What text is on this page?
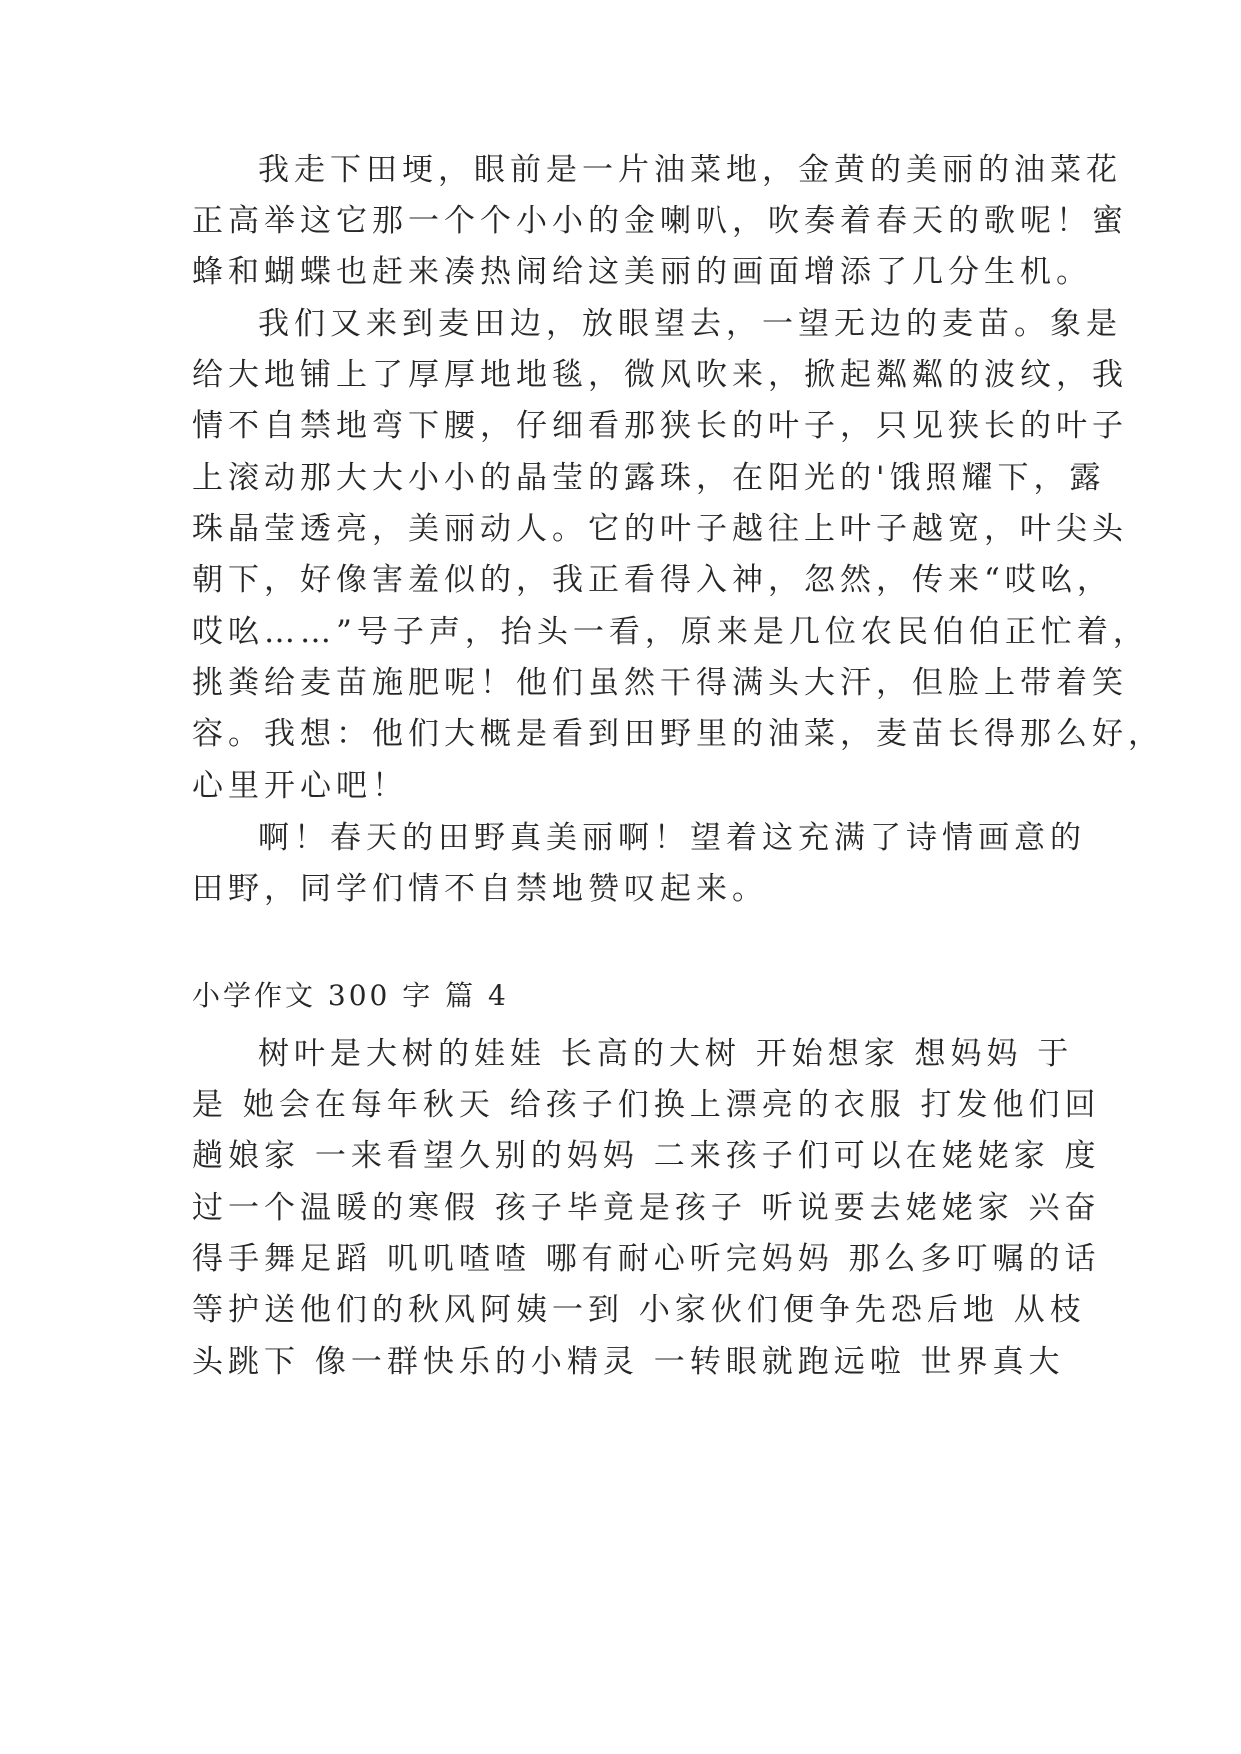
我走下田埂，眼前是一片油菜地，金黄的美丽的油菜花
正高举这它那一个个小小的金喇叭，吹奏着春天的歌呢！蜜
蜂和蝴蝶也赶来凑热闹给这美丽的画面增添了几分生机。
我们又来到麦田边，放眼望去，一望无边的麦苗。象是
给大地铺上了厚厚地地毯，微风吹来，掀起粼粼的波纹，我
情不自禁地弯下腰，仔细看那狭长的叶子，只见狭长的叶子
上滚动那大大小小的晶莹的露珠，在阳光的'饿照耀下，露
珠晶莹透亮，美丽动人。它的叶子越往上叶子越宽，叶尖头
朝下，好像害羞似的，我正看得入神，忽然，传来“哎吆，
哎吆……”号子声，抬头一看，原来是几位农民伯伯正忙着，
挑粪给麦苗施肥呢！他们虽然干得满头大汗，但脸上带着笑
容。我想：他们大概是看到田野里的油菜，麦苗长得那么好，
心里开心吧！
啊！春天的田野真美丽啊！望着这充满了诗情画意的
田野，同学们情不自禁地赞叹起来。
小学作文 300 字 篇 4
树叶是大树的娃娃 长高的大树 开始想家 想妈妈 于
是 她会在每年秋天 给孩子们换上漂亮的衣服 打发他们回
趟娘家 一来看望久别的妈妈 二来孩子们可以在姥姥家 度
过一个温暖的寒假 孩子毕竟是孩子 听说要去姥姥家 兴奋
得手舞足蹈 叽叽喳喳 哪有耐心听完妈妈 那么多叮嘱的话
等护送他们的秋风阿姨一到 小家伙们便争先恐后地 从枝
头跳下 像一群快乐的小精灵 一转眼就跑远啦 世界真大
